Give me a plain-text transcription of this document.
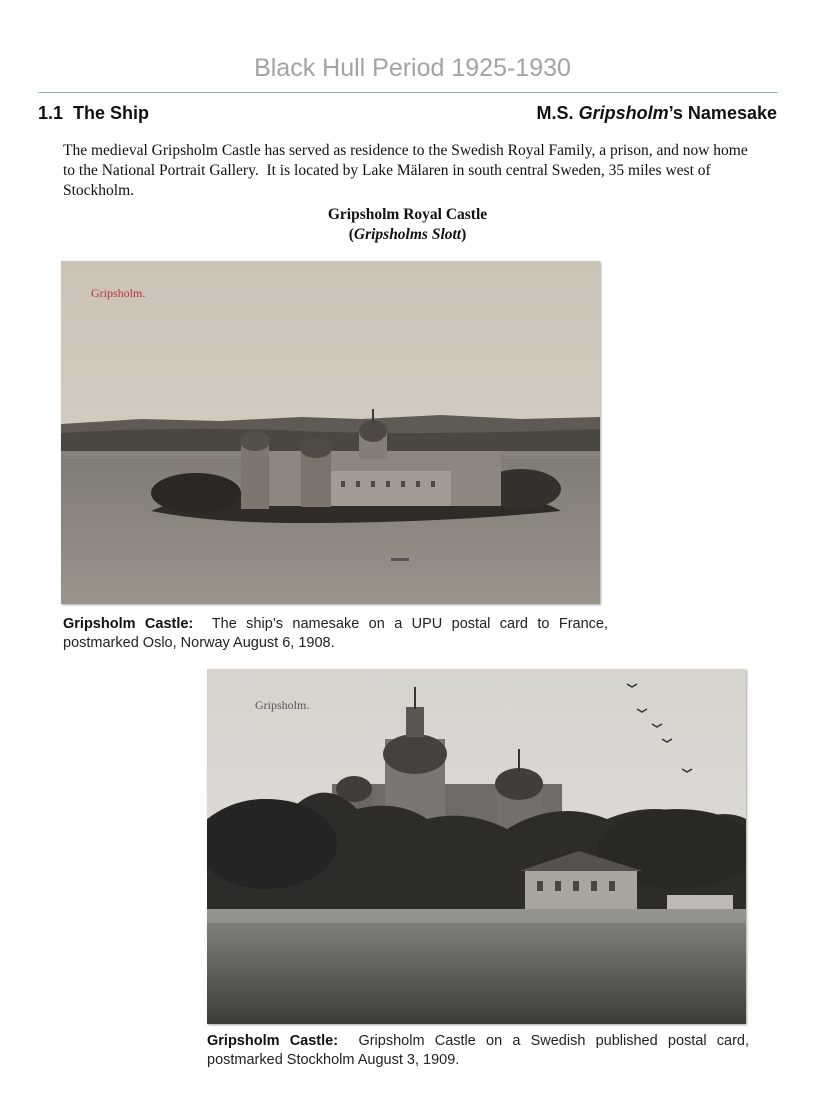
Black Hull Period 1925-1930
1.1  The Ship	M.S. Gripsholm’s Namesake
The medieval Gripsholm Castle has served as residence to the Swedish Royal Family, a prison, and now home to the National Portrait Gallery.  It is located by Lake Mälaren in south central Sweden, 35 miles west of Stockholm.
Gripsholm Royal Castle
(Gripsholms Slott)
Gripsholm.
Gripsholm Castle:  The ship’s namesake on a UPU postal card to France, postmarked Oslo, Norway August 6, 1908.
Gripsholm.
Gripsholm Castle:  Gripsholm Castle on a Swedish published postal card, postmarked Stockholm August 3, 1909.
